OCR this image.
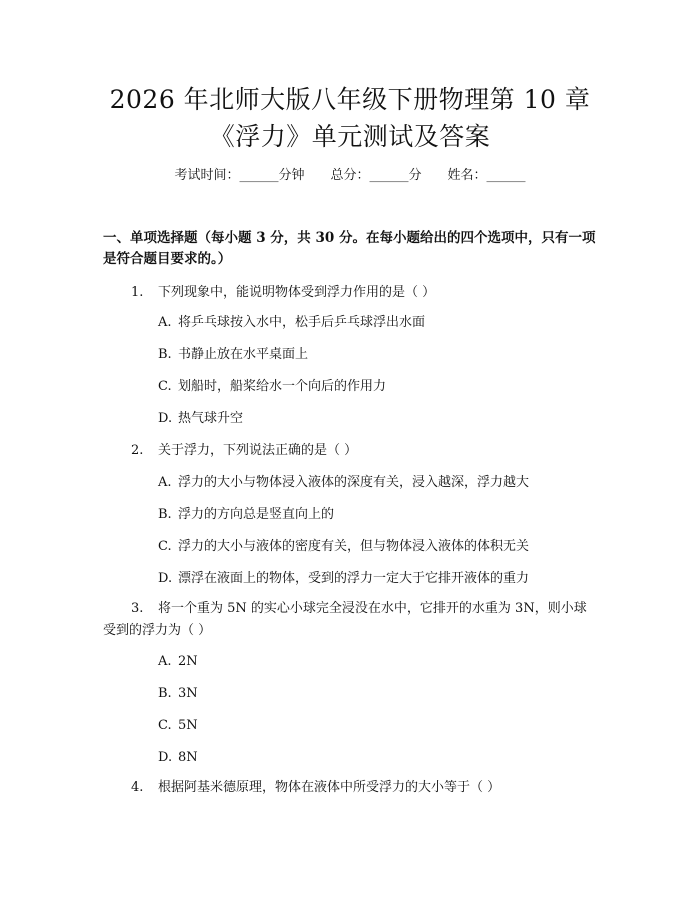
2026 年北师大版八年级下册物理第 10 章
《浮力》单元测试及答案
考试时间：______分钟 总分：______分 姓名：______
一、单项选择题（每小题 3 分，共 30 分。在每小题给出的四个选项中，只有一项是符合题目要求的。）
1. 下列现象中，能说明物体受到浮力作用的是（ ）
A. 将乒乓球按入水中，松手后乒乓球浮出水面
B. 书静止放在水平桌面上
C. 划船时，船桨给水一个向后的作用力
D. 热气球升空
2. 关于浮力，下列说法正确的是（ ）
A. 浮力的大小与物体浸入液体的深度有关，浸入越深，浮力越大
B. 浮力的方向总是竖直向上的
C. 浮力的大小与液体的密度有关，但与物体浸入液体的体积无关
D. 漂浮在液面上的物体，受到的浮力一定大于它排开液体的重力
3. 将一个重为 5N 的实心小球完全浸没在水中，它排开的水重为 3N，则小球
受到的浮力为（ ）
A. 2N
B. 3N
C. 5N
D. 8N
4. 根据阿基米德原理，物体在液体中所受浮力的大小等于（ ）
